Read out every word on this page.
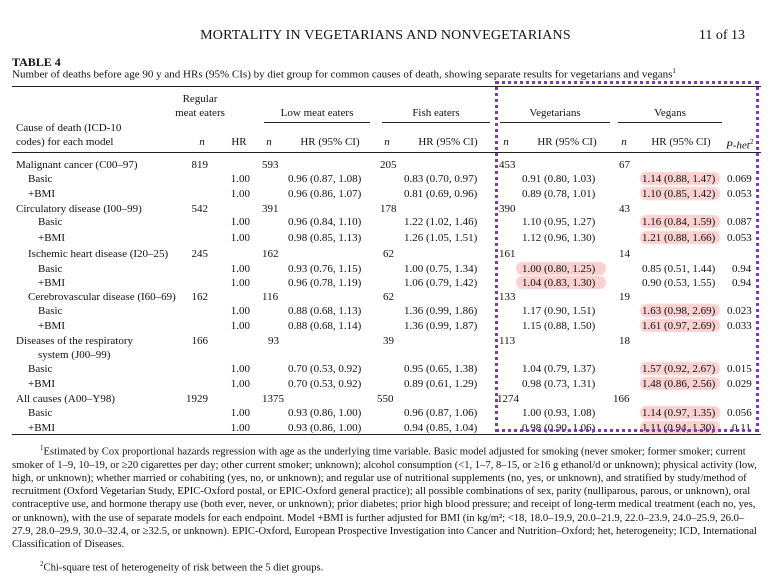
MORTALITY IN VEGETARIANS AND NONVEGETARIANS	11 of 13
TABLE 4
Number of deaths before age 90 y and HRs (95% CIs) by diet group for common causes of death, showing separate results for vegetarians and vegans$^1$
Regular
meat eaters	Low meat eaters	Fish eaters	Vegetarians	Vegans
Cause of death (ICD-10
codes) for each model	n	HR	n	HR (95% CI)	n	HR (95% CI)	n	HR (95% CI)	n	HR (95% CI)	P-het$^2$
Malignant cancer (C00–97)	819	593	205	453	67
Basic	1.00	0.96 (0.87, 1.08)	0.83 (0.70, 0.97)	0.91 (0.80, 1.03)	1.14 (0.88, 1.47) 0.069
+BMI	1.00	0.96 (0.86, 1.07)	0.81 (0.69, 0.96)	0.89 (0.78, 1.01)	1.10 (0.85, 1.42) 0.053
Circulatory disease (I00–99)	542	391	178	390	43
Basic	1.00	0.96 (0.84, 1.10)	1.22 (1.02, 1.46)	1.10 (0.95, 1.27)	1.16 (0.84, 1.59) 0.087
+BMI	1.00	0.98 (0.85, 1.13)	1.26 (1.05, 1.51)	1.12 (0.96, 1.30)	1.21 (0.88, 1.66) 0.053
Ischemic heart disease (I20–25)	245	162	62	161	14
Basic	1.00	0.93 (0.76, 1.15)	1.00 (0.75, 1.34)	1.00 (0.80, 1.25)	0.85 (0.51, 1.44) 0.94
+BMI	1.00	0.96 (0.78, 1.19)	1.06 (0.79, 1.42)	1.04 (0.83, 1.30)	0.90 (0.53, 1.55) 0.94
Cerebrovascular disease (I60–69)	162	116	62	133	19
Basic	1.00	0.88 (0.68, 1.13)	1.36 (0.99, 1.86)	1.17 (0.90, 1.51)	1.63 (0.98, 2.69) 0.023
+BMI	1.00	0.88 (0.68, 1.14)	1.36 (0.99, 1.87)	1.15 (0.88, 1.50)	1.61 (0.97, 2.69) 0.033
Diseases of the respiratory	166	93	39	113	18
system (J00–99)
Basic	1.00	0.70 (0.53, 0.92)	0.95 (0.65, 1.38)	1.04 (0.79, 1.37)	1.57 (0.92, 2.67) 0.015
+BMI	1.00	0.70 (0.53, 0.92)	0.89 (0.61, 1.29)	0.98 (0.73, 1.31)	1.48 (0.86, 2.56) 0.029
All causes (A00–Y98)	1929	1375	550	1274	166
Basic	1.00	0.93 (0.86, 1.00)	0.96 (0.87, 1.06)	1.00 (0.93, 1.08)	1.14 (0.97, 1.35) 0.056
+BMI	1.00	0.93 (0.86, 1.00)	0.94 (0.85, 1.04)	0.98 (0.90, 1.06)	1.11 (0.94, 1.30) 0.11
$^1$Estimated by Cox proportional hazards regression with age as the underlying time variable. Basic model adjusted for smoking (never smoker; former smoker; current smoker of 1–9, 10–19, or ≥20 cigarettes per day; other current smoker; unknown); alcohol consumption (<1, 1–7, 8–15, or ≥16 g ethanol/d or unknown); physical activity (low, high, or unknown); whether married or cohabiting (yes, no, or unknown); and regular use of nutritional supplements (no, yes, or unknown), and stratified by study/method of recruitment (Oxford Vegetarian Study, EPIC-Oxford postal, or EPIC-Oxford general practice); all possible combinations of sex, parity (nulliparous, parous, or unknown), oral contraceptive use, and hormone therapy use (both ever, never, or unknown); prior diabetes; prior high blood pressure; and receipt of long-term medical treatment (each no, yes, or unknown), with the use of separate models for each endpoint. Model +BMI is further adjusted for BMI (in kg/m²; <18, 18.0–19.9, 20.0–21.9, 22.0–23.9, 24.0–25.9, 26.0–27.9, 28.0–29.9, 30.0–32.4, or ≥32.5, or unknown). EPIC-Oxford, European Prospective Investigation into Cancer and Nutrition–Oxford; het, heterogeneity; ICD, International Classification of Diseases.
$^2$Chi-square test of heterogeneity of risk between the 5 diet groups.
